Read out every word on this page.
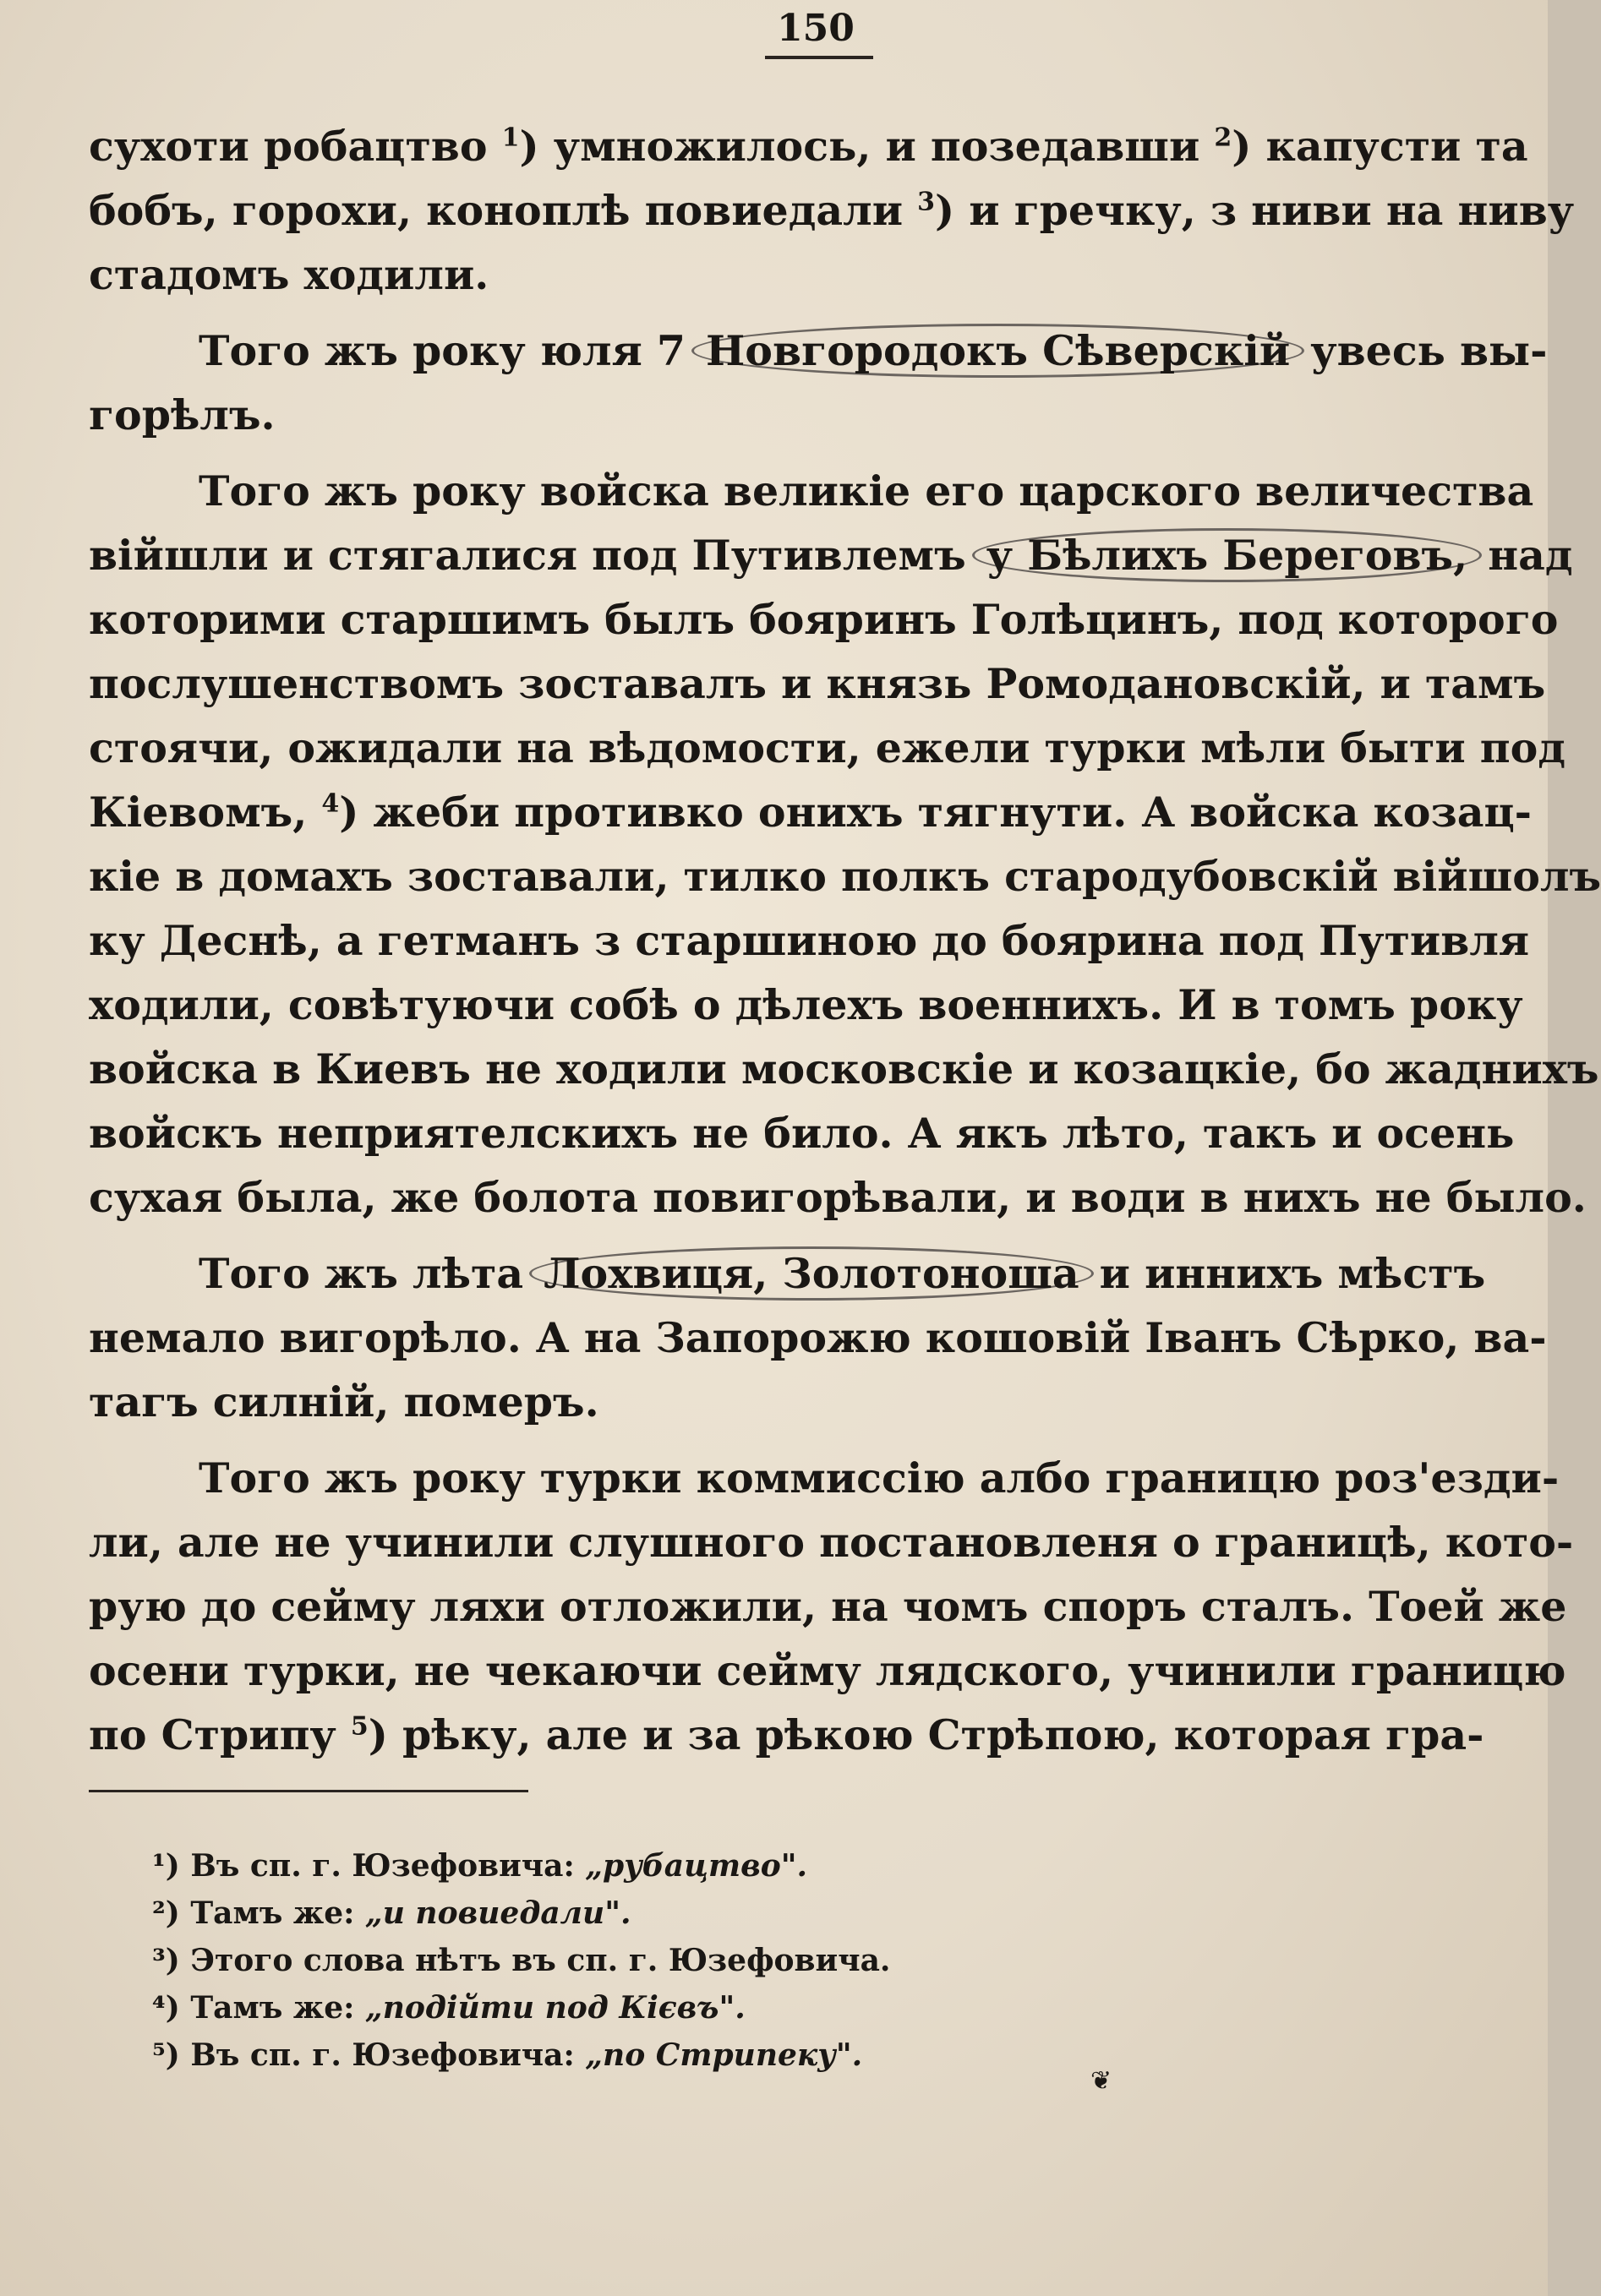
150

сухоти робацтво $^1$) умножилось, и позедавши $^2$) капусти та
бобъ, горохи, коноплѣ повиедали $^3$) и гречку, з ниви на ниву
стадомъ ходили.

Того жъ року юля 7 Новгородокъ Сѣверскій увесь вы-
горѣлъ.

Того жъ року войска великіе его царского величества
війшли и стягалися под Путивлемъ у Бѣлихъ Береговъ, над
которими старшимъ былъ бояринъ Голѣцинъ, под которого
послушенствомъ зоставалъ и князь Ромодановскій, и тамъ
стоячи, ожидали на вѣдомости, ежели турки мѣли быти под
Кіевомъ, $^4$) жеби противко онихъ тягнути. А войска козац-
кіе в домахъ зоставали, тилко полкъ стародубовскій війшолъ
ку Деснѣ, а гетманъ з старшиною до боярина под Путивля
ходили, совѣтуючи собѣ о дѣлехъ военнихъ. И в томъ року
войска в Киевъ не ходили московскіе и козацкіе, бо жаднихъ
войскъ неприятелскихъ не било. А якъ лѣто, такъ и осень
сухая была, же болота повигорѣвали, и води в нихъ не было.

Того жъ лѣта Лохвиця, Золотоноша и иннихъ мѣстъ
немало вигорѣло. А на Запорожю кошовій Іванъ Сѣрко, ва-
тагъ силній, померъ.

Того жъ року турки коммиссію албо границю роз'езди-
ли, але не учинили слушного постановленя о границѣ, кото-
рую до сейму ляхи отложили, на чомъ споръ сталъ. Тоей же
осени турки, не чекаючи сейму лядского, учинили границю
по Стрипу $^5$) рѣку, але и за рѣкою Стрѣпою, которая гра-

¹) Въ сп. г. Юзефовича: „рубацтво".
²) Тамъ же: „и повиедали".
³) Этого слова нѣтъ въ сп. г. Юзефовича.
⁴) Тамъ же: „подійти под Кієвъ".
⁵) Въ сп. г. Юзефовича: „по Стрипеку".
❦
